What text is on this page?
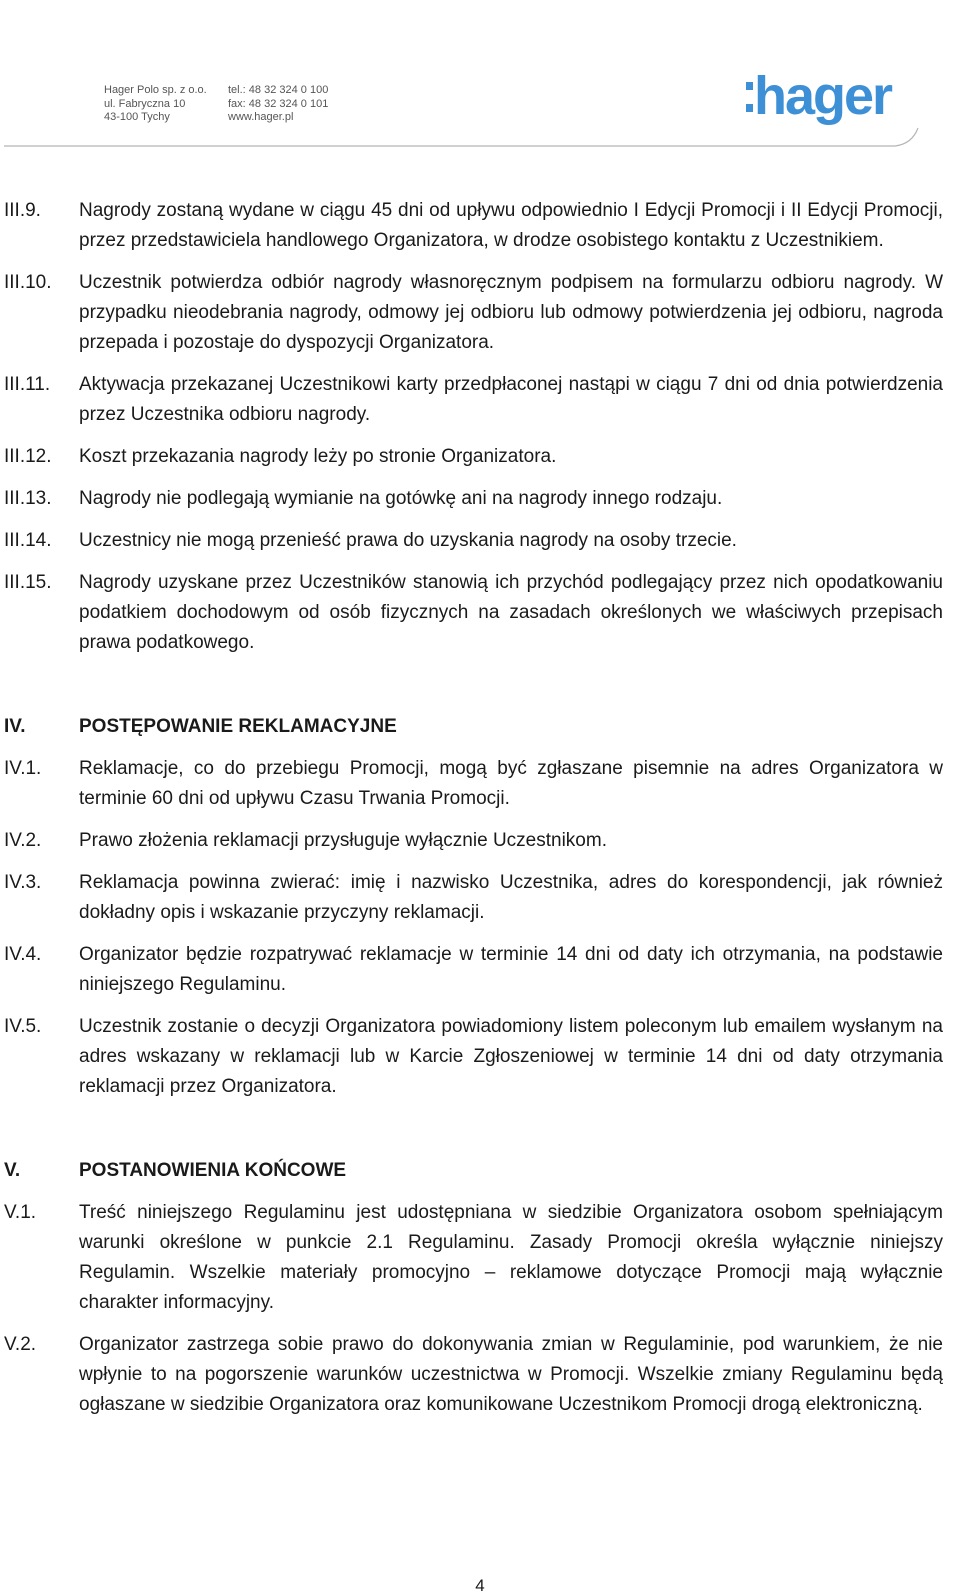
Hager Polo sp. z o.o.
ul. Fabryczna 10
43-100 Tychy
tel.: 48 32 324 0 100
fax: 48 32 324 0 101
www.hager.pl	hager
III.9. Nagrody zostaną wydane w ciągu 45 dni od upływu odpowiednio I Edycji Promocji i II Edycji Promocji, przez przedstawiciela handlowego Organizatora, w drodze osobistego kontaktu z Uczestnikiem.
III.10. Uczestnik potwierdza odbiór nagrody własnoręcznym podpisem na formularzu odbioru nagrody. W przypadku nieodebrania nagrody, odmowy jej odbioru lub odmowy potwierdzenia jej odbioru, nagroda przepada i pozostaje do dyspozycji Organizatora.
III.11. Aktywacja przekazanej Uczestnikowi karty przedpłaconej nastąpi w ciągu 7 dni od dnia potwierdzenia przez Uczestnika odbioru nagrody.
III.12. Koszt przekazania nagrody leży po stronie Organizatora.
III.13. Nagrody nie podlegają wymianie na gotówkę ani na nagrody innego rodzaju.
III.14. Uczestnicy nie mogą przenieść prawa do uzyskania nagrody na osoby trzecie.
III.15. Nagrody uzyskane przez Uczestników stanowią ich przychód podlegający przez nich opodatkowaniu podatkiem dochodowym od osób fizycznych na zasadach określonych we właściwych przepisach prawa podatkowego.
IV.	POSTĘPOWANIE REKLAMACYJNE
IV.1. Reklamacje, co do przebiegu Promocji, mogą być zgłaszane pisemnie na adres Organizatora w terminie 60 dni od upływu Czasu Trwania Promocji.
IV.2. Prawo złożenia reklamacji przysługuje wyłącznie Uczestnikom.
IV.3. Reklamacja powinna zwierać: imię i nazwisko Uczestnika, adres do korespondencji, jak również dokładny opis i wskazanie przyczyny reklamacji.
IV.4. Organizator będzie rozpatrywać reklamacje w terminie 14 dni od daty ich otrzymania, na podstawie niniejszego Regulaminu.
IV.5. Uczestnik zostanie o decyzji Organizatora powiadomiony listem poleconym lub emailem wysłanym na adres wskazany w reklamacji lub w Karcie Zgłoszeniowej w terminie 14 dni od daty otrzymania reklamacji przez Organizatora.
V.	POSTANOWIENIA KOŃCOWE
V.1. Treść niniejszego Regulaminu jest udostępniana w siedzibie Organizatora osobom spełniającym warunki określone w punkcie 2.1 Regulaminu. Zasady Promocji określa wyłącznie niniejszy Regulamin. Wszelkie materiały promocyjno – reklamowe dotyczące Promocji mają wyłącznie charakter informacyjny.
V.2. Organizator zastrzega sobie prawo do dokonywania zmian w Regulaminie, pod warunkiem, że nie wpłynie to na pogorszenie warunków uczestnictwa w Promocji. Wszelkie zmiany Regulaminu będą ogłaszane w siedzibie Organizatora oraz komunikowane Uczestnikom Promocji drogą elektroniczną.
4
